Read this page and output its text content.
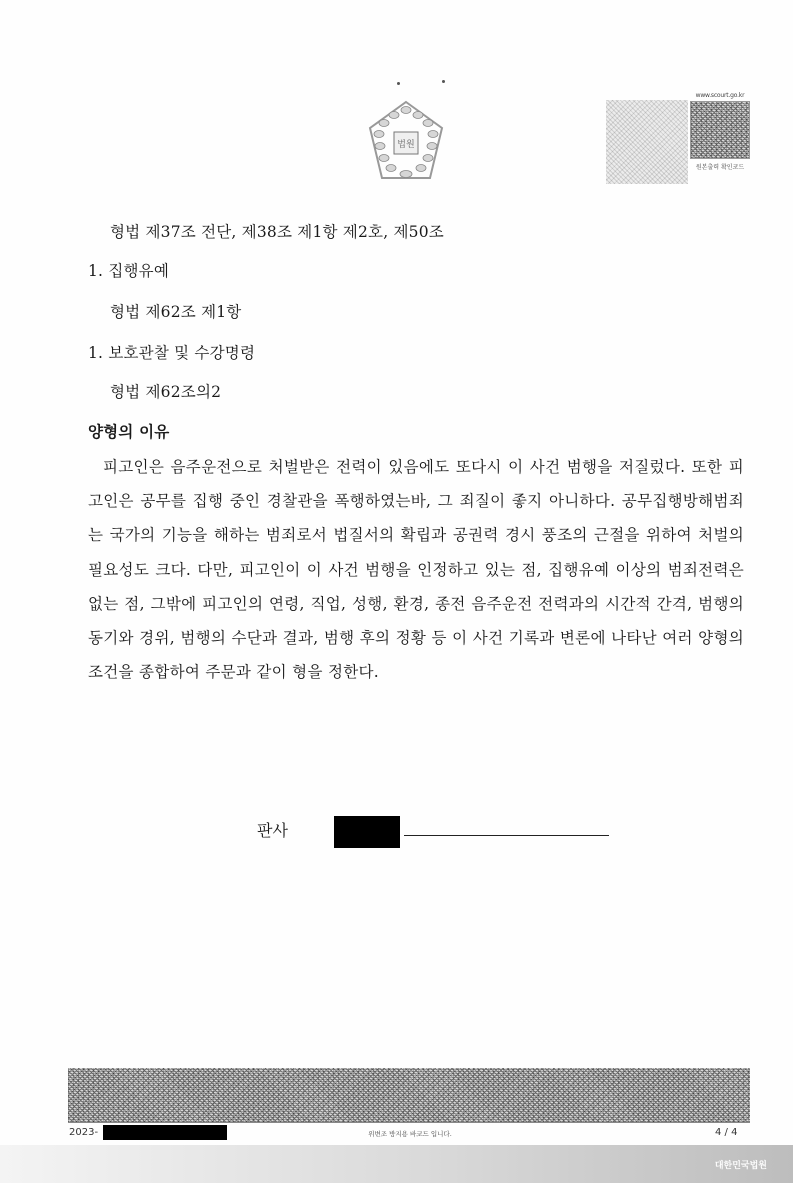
법원
www.scourt.go.kr
원본출력 확인코드
형법 제37조 전단, 제38조 제1항 제2호, 제50조
1. 집행유예
형법 제62조 제1항
1. 보호관찰 및 수강명령
형법 제62조의2
양형의 이유
피고인은 음주운전으로 처벌받은 전력이 있음에도 또다시 이 사건 범행을 저질렀다. 또한 피고인은 공무를 집행 중인 경찰관을 폭행하였는바, 그 죄질이 좋지 아니하다. 공무집행방해범죄는 국가의 기능을 해하는 범죄로서 법질서의 확립과 공권력 경시 풍조의 근절을 위하여 처벌의 필요성도 크다. 다만, 피고인이 이 사건 범행을 인정하고 있는 점, 집행유예 이상의 범죄전력은 없는 점, 그밖에 피고인의 연령, 직업, 성행, 환경, 종전 음주운전 전력과의 시간적 간격, 범행의 동기와 경위, 범행의 수단과 결과, 범행 후의 정황 등 이 사건 기록과 변론에 나타난 여러 양형의 조건을 종합하여 주문과 같이 형을 정한다.
판사
2023-	위변조 방지용 바코드 입니다.	4 / 4
대한민국법원
